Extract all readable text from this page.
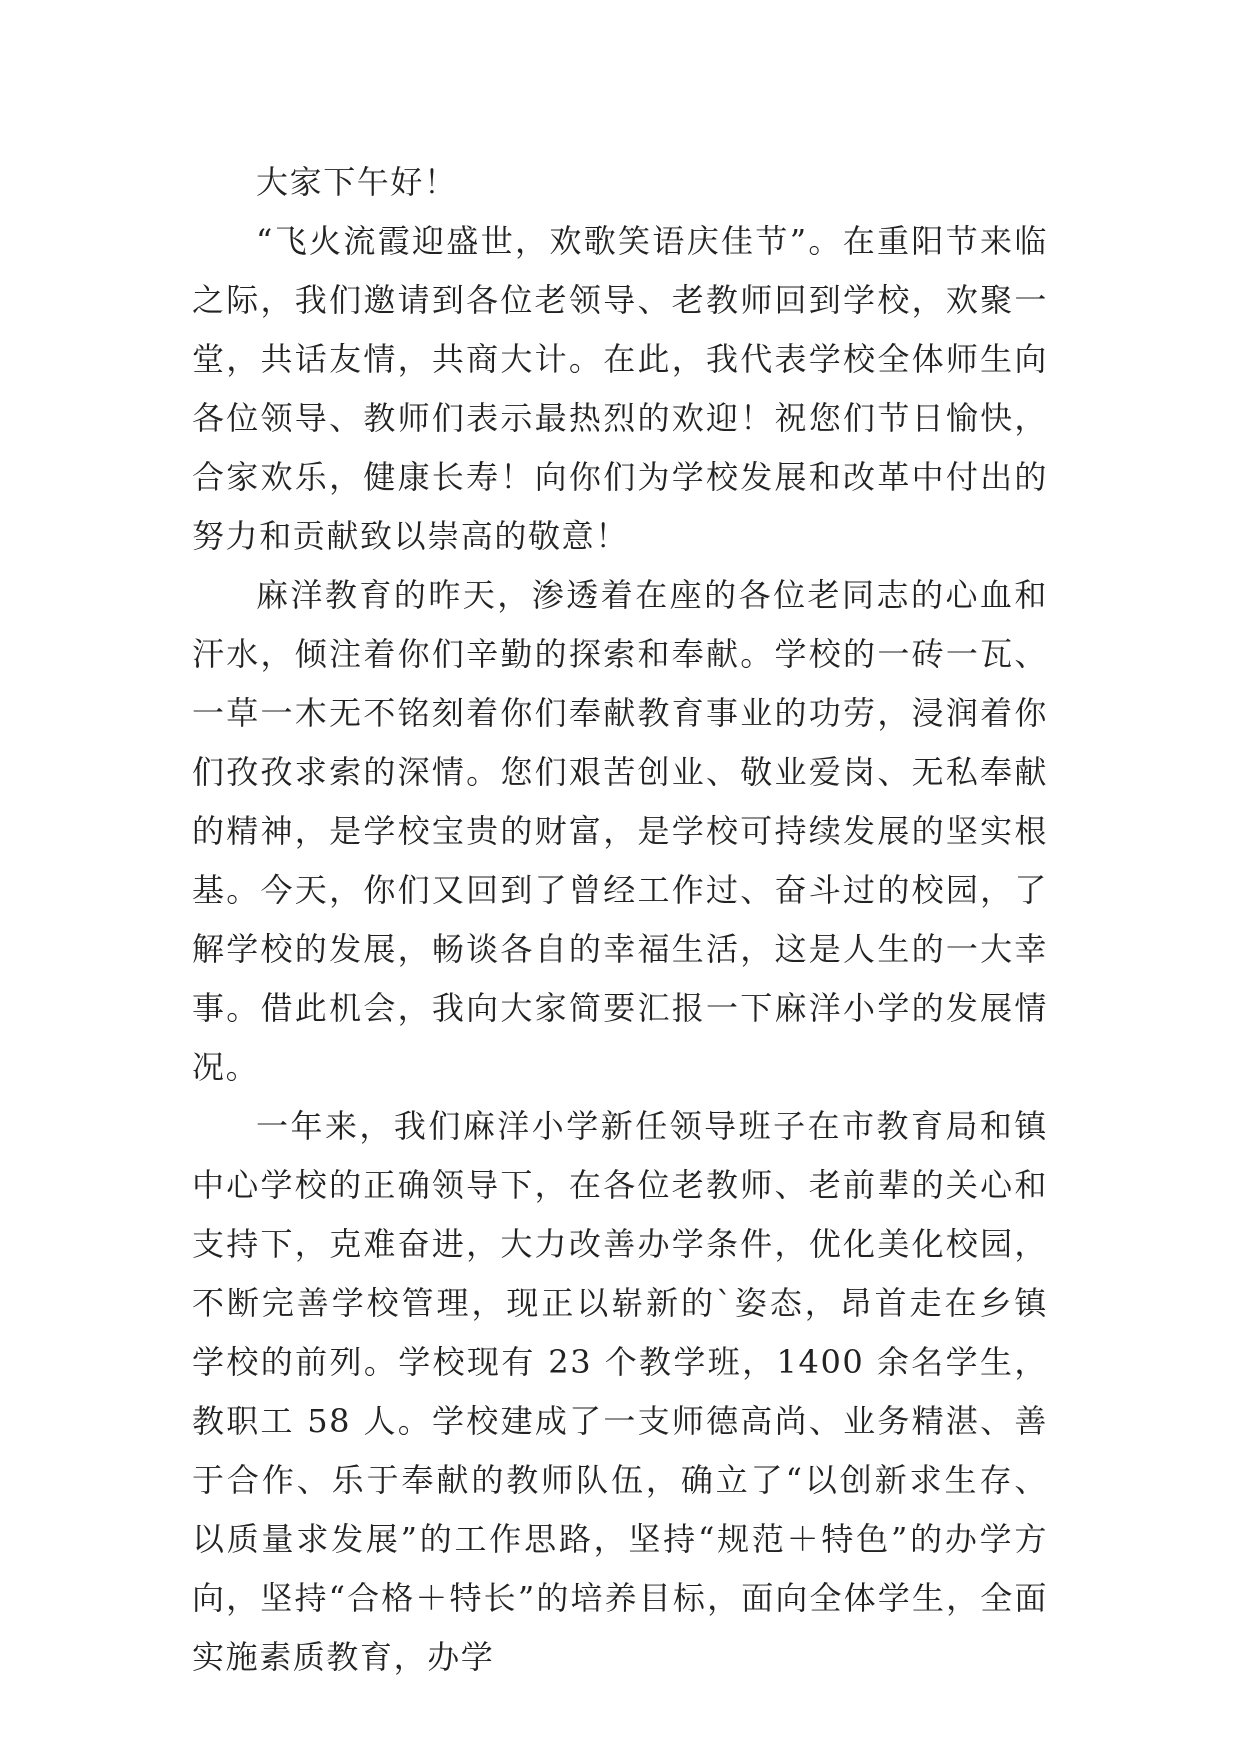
大家下午好！

“飞火流霞迎盛世，欢歌笑语庆佳节”。在重阳节来临之际，我们邀请到各位老领导、老教师回到学校，欢聚一堂，共话友情，共商大计。在此，我代表学校全体师生向各位领导、教师们表示最热烈的欢迎！祝您们节日愉快，合家欢乐，健康长寿！向你们为学校发展和改革中付出的努力和贡献致以崇高的敬意！

麻洋教育的昨天，渗透着在座的各位老同志的心血和汗水，倾注着你们辛勤的探索和奉献。学校的一砖一瓦、一草一木无不铭刻着你们奉献教育事业的功劳，浸润着你们孜孜求索的深情。您们艰苦创业、敬业爱岗、无私奉献的精神，是学校宝贵的财富，是学校可持续发展的坚实根基。今天，你们又回到了曾经工作过、奋斗过的校园，了解学校的发展，畅谈各自的幸福生活，这是人生的一大幸事。借此机会，我向大家简要汇报一下麻洋小学的发展情况。

一年来，我们麻洋小学新任领导班子在市教育局和镇中心学校的正确领导下，在各位老教师、老前辈的关心和支持下，克难奋进，大力改善办学条件，优化美化校园，不断完善学校管理，现正以崭新的`姿态，昂首走在乡镇学校的前列。学校现有 23 个教学班，1400 余名学生，教职工 58 人。学校建成了一支师德高尚、业务精湛、善于合作、乐于奉献的教师队伍，确立了“以创新求生存、以质量求发展”的工作思路，坚持“规范＋特色”的办学方向，坚持“合格＋特长”的培养目标，面向全体学生，全面实施素质教育，办学
